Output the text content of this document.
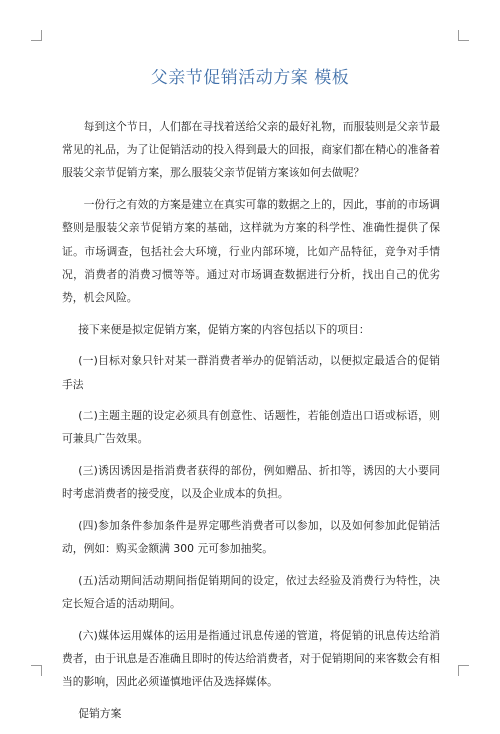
父亲节促销活动方案 模板

每到这个节日，人们都在寻找着送给父亲的最好礼物，而服装则是父亲节最常见的礼品，为了让促销活动的投入得到最大的回报，商家们都在精心的准备着服装父亲节促销方案，那么服装父亲节促销方案该如何去做呢？

一份行之有效的方案是建立在真实可靠的数据之上的，因此，事前的市场调整则是服装父亲节促销方案的基础，这样就为方案的科学性、准确性提供了保证。市场调查，包括社会大环境，行业内部环境，比如产品特征，竞争对手情况，消费者的消费习惯等等。通过对市场调查数据进行分析，找出自己的优劣势，机会风险。

接下来便是拟定促销方案，促销方案的内容包括以下的项目：

(一)目标对象只针对某一群消费者举办的促销活动，以便拟定最适合的促销手法

(二)主题主题的设定必须具有创意性、话题性，若能创造出口语或标语，则可兼具广告效果。

(三)诱因诱因是指消费者获得的部份，例如赠品、折扣等，诱因的大小要同时考虑消费者的接受度，以及企业成本的负担。

(四)参加条件参加条件是界定哪些消费者可以参加，以及如何参加此促销活动，例如：购买金额满 300 元可参加抽奖。

(五)活动期间活动期间指促销期间的设定，依过去经验及消费行为特性，决定长短合适的活动期间。

(六)媒体运用媒体的运用是指通过讯息传递的管道，将促销的讯息传达给消费者，由于讯息是否准确且即时的传达给消费者，对于促销期间的来客数会有相当的影响，因此必须谨慎地评估及选择媒体。

促销方案
